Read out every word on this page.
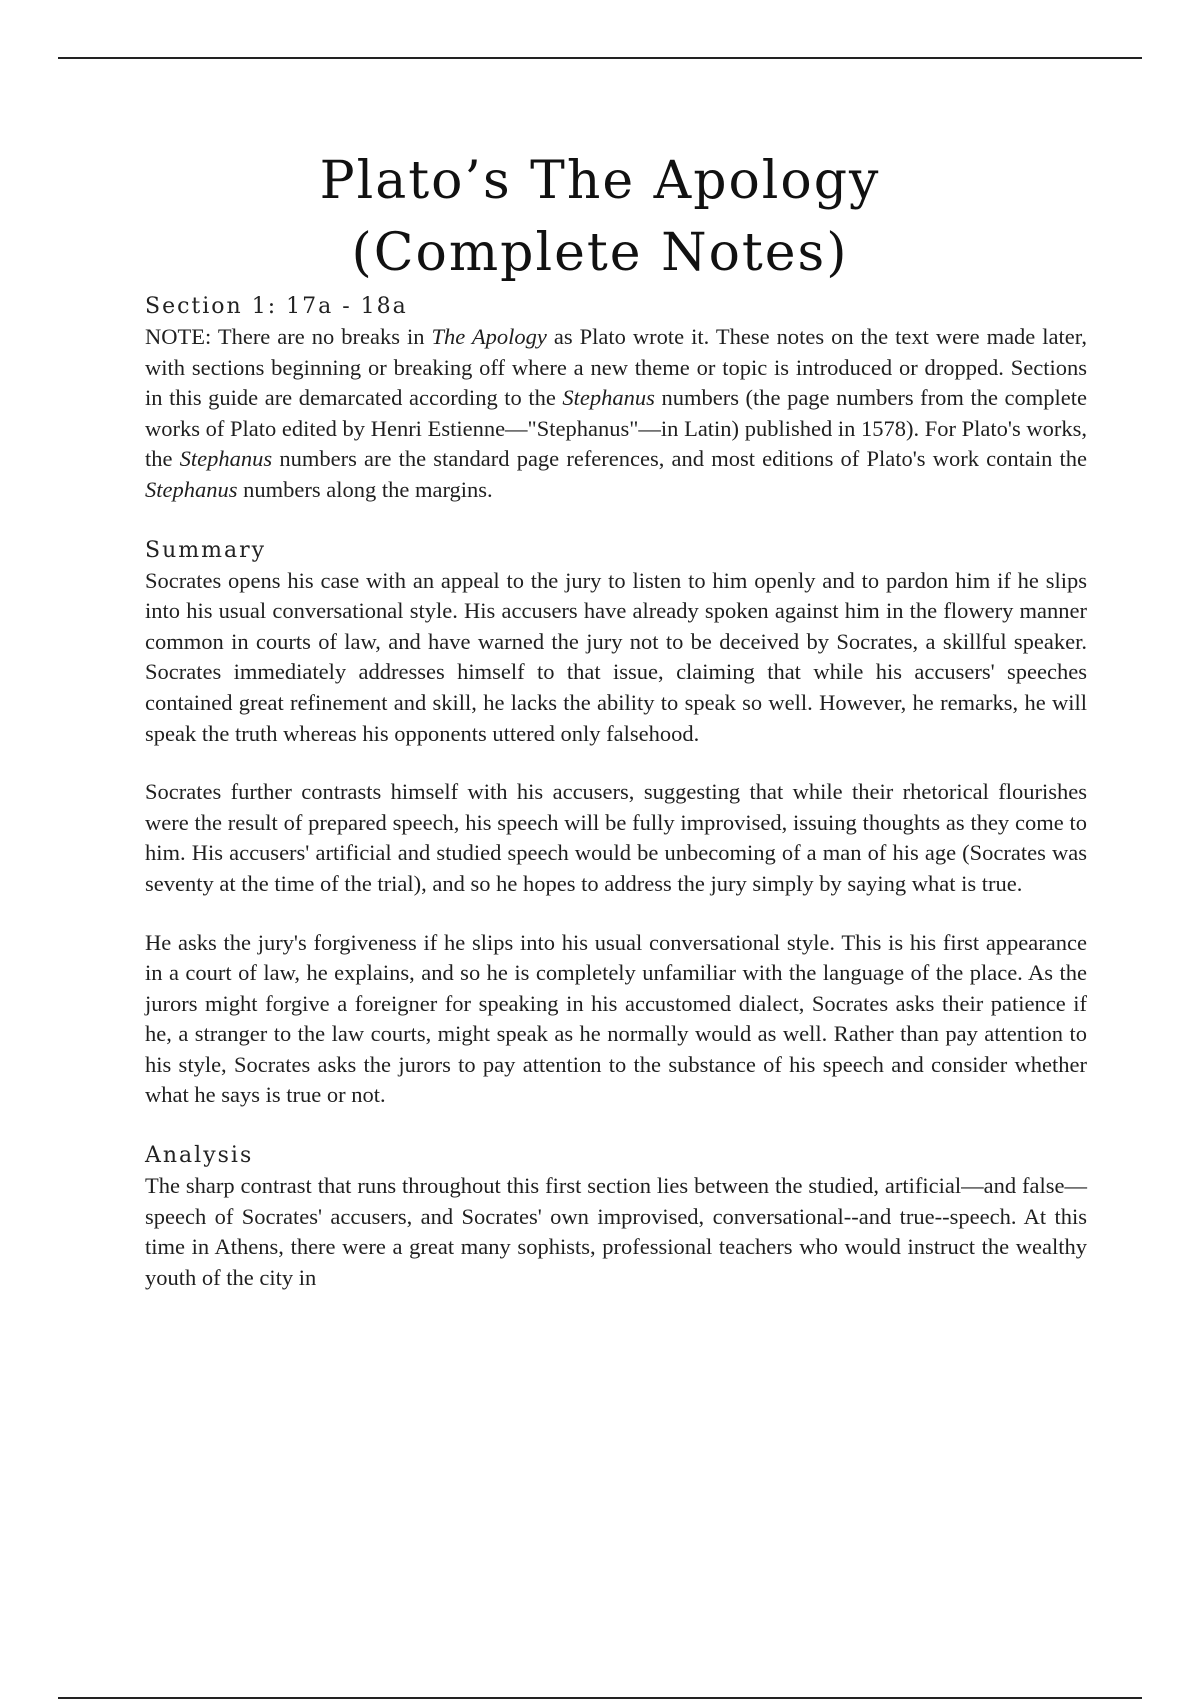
Plato’s The Apology
(Complete Notes)
Section 1: 17a - 18a

NOTE: There are no breaks in The Apology as Plato wrote it. These notes on the text were made later, with sections beginning or breaking off where a new theme or topic is introduced or dropped. Sections in this guide are demarcated according to the Stephanus numbers (the page numbers from the complete works of Plato edited by Henri Estienne—"Stephanus"—in Latin) published in 1578). For Plato's works, the Stephanus numbers are the standard page references, and most editions of Plato's work contain the Stephanus numbers along the margins.

Summary

Socrates opens his case with an appeal to the jury to listen to him openly and to pardon him if he slips into his usual conversational style. His accusers have already spoken against him in the flowery manner common in courts of law, and have warned the jury not to be deceived by Socrates, a skillful speaker. Socrates immediately addresses himself to that issue, claiming that while his accusers' speeches contained great refinement and skill, he lacks the ability to speak so well. However, he remarks, he will speak the truth whereas his opponents uttered only falsehood.

Socrates further contrasts himself with his accusers, suggesting that while their rhetorical flourishes were the result of prepared speech, his speech will be fully improvised, issuing thoughts as they come to him. His accusers' artificial and studied speech would be unbecoming of a man of his age (Socrates was seventy at the time of the trial), and so he hopes to address the jury simply by saying what is true.

He asks the jury's forgiveness if he slips into his usual conversational style. This is his first appearance in a court of law, he explains, and so he is completely unfamiliar with the language of the place. As the jurors might forgive a foreigner for speaking in his accustomed dialect, Socrates asks their patience if he, a stranger to the law courts, might speak as he normally would as well. Rather than pay attention to his style, Socrates asks the jurors to pay attention to the substance of his speech and consider whether what he says is true or not.

Analysis

The sharp contrast that runs throughout this first section lies between the studied, artificial—and false—speech of Socrates' accusers, and Socrates' own improvised, conversational--and true--speech. At this time in Athens, there were a great many sophists, professional teachers who would instruct the wealthy youth of the city in
